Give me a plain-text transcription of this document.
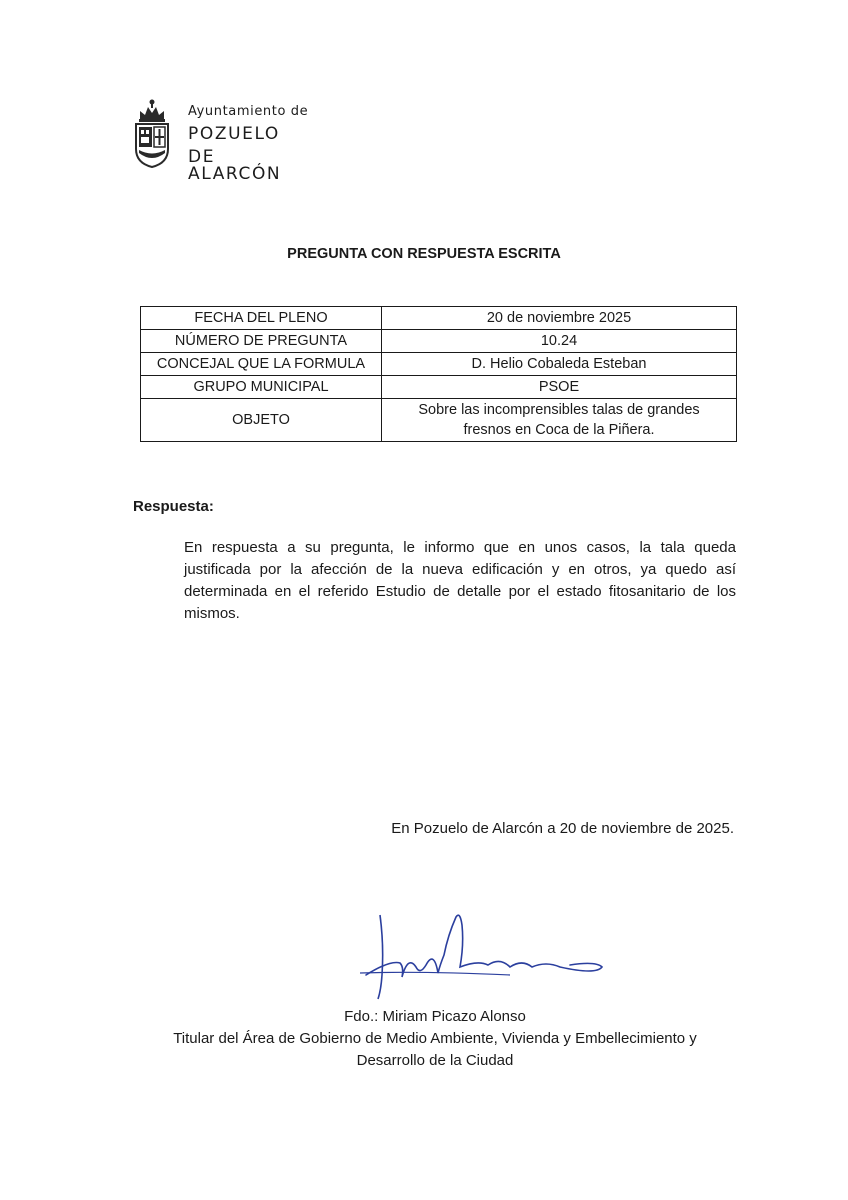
Ayuntamiento de
POZUELO
DE ALARCÓN
PREGUNTA CON RESPUESTA ESCRITA
FECHA DEL PLENO	20 de noviembre 2025
NÚMERO DE PREGUNTA	10.24
CONCEJAL QUE LA FORMULA	D. Helio Cobaleda Esteban
GRUPO MUNICIPAL	PSOE
OBJETO	Sobre las incomprensibles talas de grandes
fresnos en Coca de la Piñera.
Respuesta:
En respuesta a su pregunta, le informo que en unos casos, la tala queda justificada por la afección de la nueva edificación y en otros, ya quedo así determinada en el referido Estudio de detalle por el estado fitosanitario de los mismos.
En Pozuelo de Alarcón a 20 de noviembre de 2025.
Fdo.: Miriam Picazo Alonso
Titular del Área de Gobierno de Medio Ambiente, Vivienda y Embellecimiento y
Desarrollo de la Ciudad
